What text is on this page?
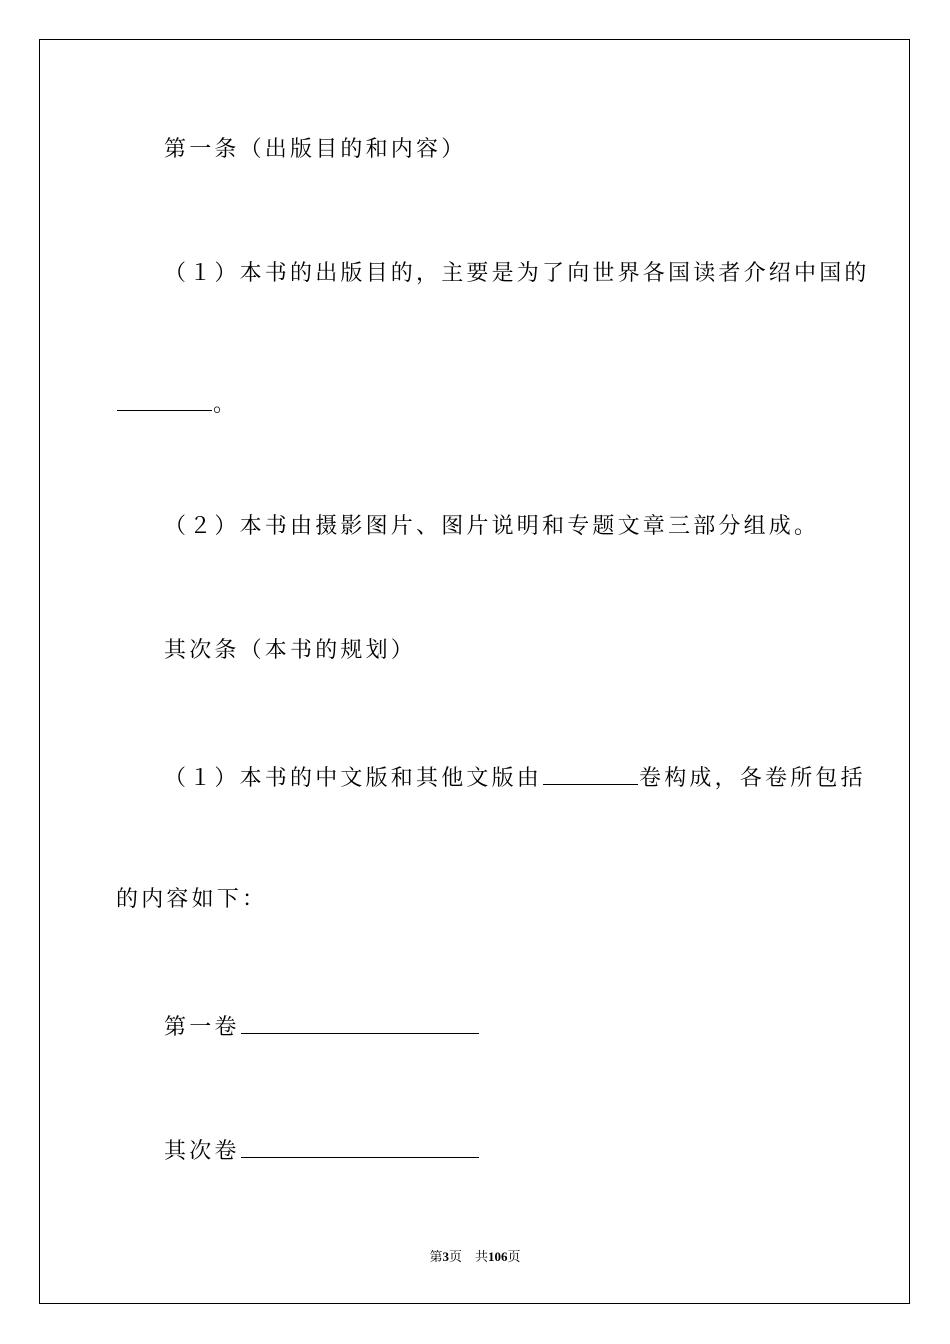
第一条（出版目的和内容）
（１）本书的出版目的，主要是为了向世界各国读者介绍中国的
。
（２）本书由摄影图片、图片说明和专题文章三部分组成。
其次条（本书的规划）
（１）本书的中文版和其他文版由	卷构成，各卷所包括
的内容如下：
第一卷
其次卷
第3页 共106页
